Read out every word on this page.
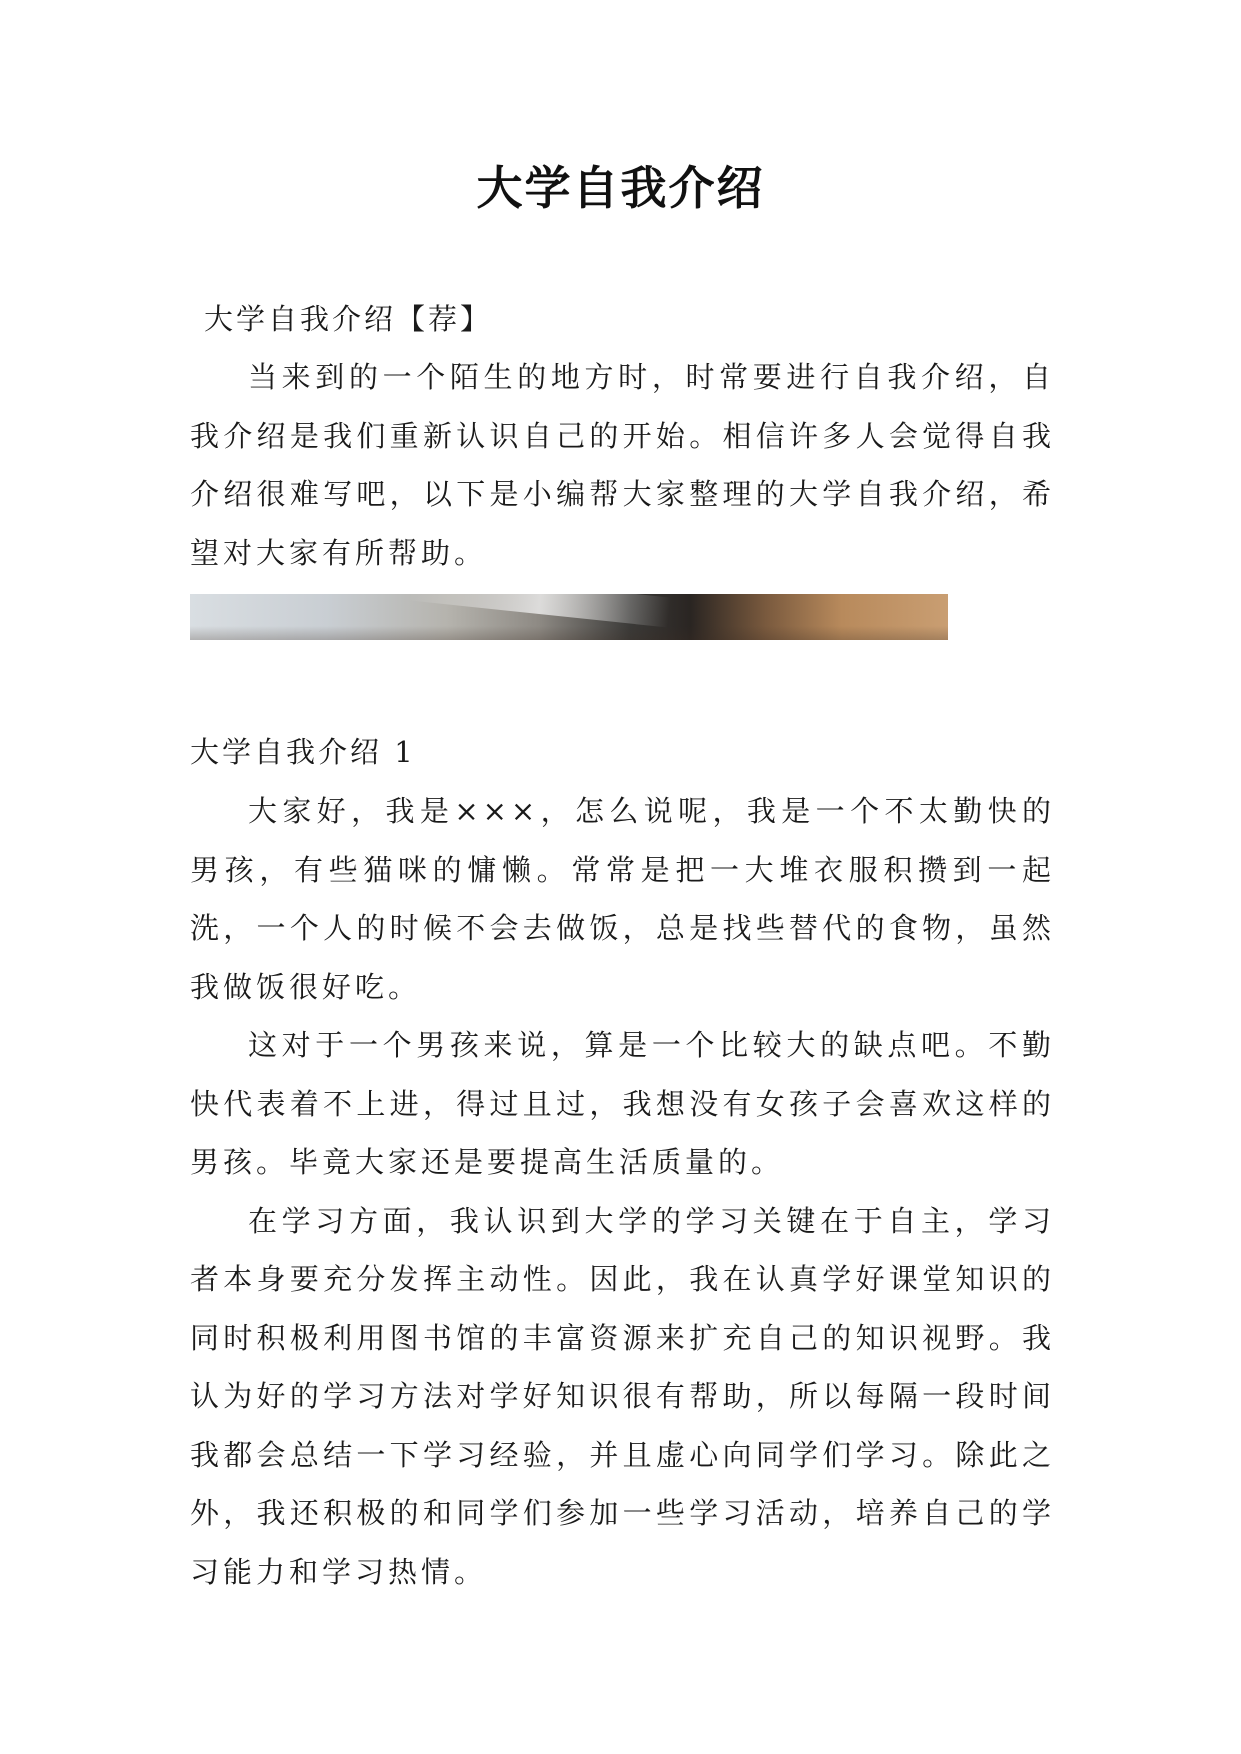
大学自我介绍
大学自我介绍【荐】

当来到的一个陌生的地方时，时常要进行自我介绍，自我介绍是我们重新认识自己的开始。相信许多人会觉得自我介绍很难写吧，以下是小编帮大家整理的大学自我介绍，希望对大家有所帮助。

大学自我介绍 1

大家好，我是×××，怎么说呢，我是一个不太勤快的男孩，有些猫咪的慵懒。常常是把一大堆衣服积攒到一起洗，一个人的时候不会去做饭，总是找些替代的食物，虽然我做饭很好吃。

这对于一个男孩来说，算是一个比较大的缺点吧。不勤快代表着不上进，得过且过，我想没有女孩子会喜欢这样的男孩。毕竟大家还是要提高生活质量的。

在学习方面，我认识到大学的学习关键在于自主，学习者本身要充分发挥主动性。因此，我在认真学好课堂知识的同时积极利用图书馆的丰富资源来扩充自己的知识视野。我认为好的学习方法对学好知识很有帮助，所以每隔一段时间我都会总结一下学习经验，并且虚心向同学们学习。除此之外，我还积极的和同学们参加一些学习活动，培养自己的学习能力和学习热情。
